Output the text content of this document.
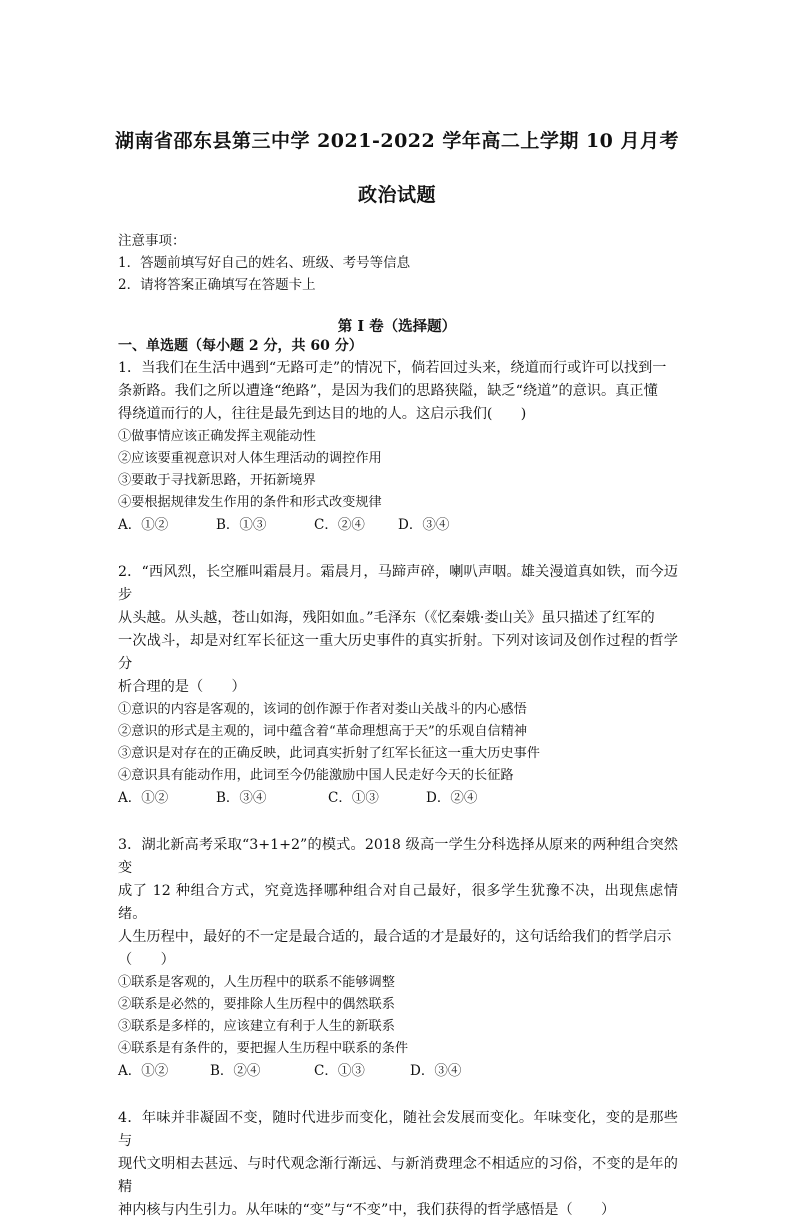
湖南省邵东县第三中学 2021-2022 学年高二上学期 10 月月考
政治试题
注意事项：
1．答题前填写好自己的姓名、班级、考号等信息
2．请将答案正确填写在答题卡上
第 I 卷（选择题）
一、单选题（每小题 2 分，共 60 分）

1．当我们在生活中遇到“无路可走”的情况下，倘若回过头来，绕道而行或许可以找到一

条新路。我们之所以遭逢“绝路”，是因为我们的思路狭隘，缺乏“绕道”的意识。真正懂

得绕道而行的人，往往是最先到达目的地的人。这启示我们(　　)

①做事情应该正确发挥主观能动性

②应该要重视意识对人体生理活动的调控作用

③要敢于寻找新思路，开拓新境界

④要根据规律发生作用的条件和形式改变规律

A．①②	B．①③	C．②④	D．③④

2．“西风烈，长空雁叫霜晨月。霜晨月，马蹄声碎，喇叭声咽。雄关漫道真如铁，而今迈步

从头越。从头越，苍山如海，残阳如血。”毛泽东（《忆秦娥·娄山关》虽只描述了红军的

一次战斗，却是对红军长征这一重大历史事件的真实折射。下列对该词及创作过程的哲学分

析合理的是（　　）

①意识的内容是客观的，该词的创作源于作者对娄山关战斗的内心感悟

②意识的形式是主观的，词中蕴含着“革命理想高于天”的乐观自信精神

③意识是对存在的正确反映，此词真实折射了红军长征这一重大历史事件

④意识具有能动作用，此词至今仍能激励中国人民走好今天的长征路

A．①②	B．③④	C．①③	D．②④

3．湖北新高考采取“3+1+2”的模式。2018 级高一学生分科选择从原来的两种组合突然变

成了 12 种组合方式，究竟选择哪种组合对自己最好，很多学生犹豫不决，出现焦虑情绪。

人生历程中，最好的不一定是最合适的，最合适的才是最好的，这句话给我们的哲学启示

（　　）

①联系是客观的，人生历程中的联系不能够调整

②联系是必然的，要排除人生历程中的偶然联系

③联系是多样的，应该建立有利于人生的新联系

④联系是有条件的，要把握人生历程中联系的条件

A．①②	B．②④	C．①③	D．③④

4．年味并非凝固不变，随时代进步而变化，随社会发展而变化。年味变化，变的是那些与

现代文明相去甚远、与时代观念渐行渐远、与新消费理念不相适应的习俗，不变的是年的精

神内核与内生引力。从年味的“变”与“不变”中，我们获得的哲学感悟是（　　）
